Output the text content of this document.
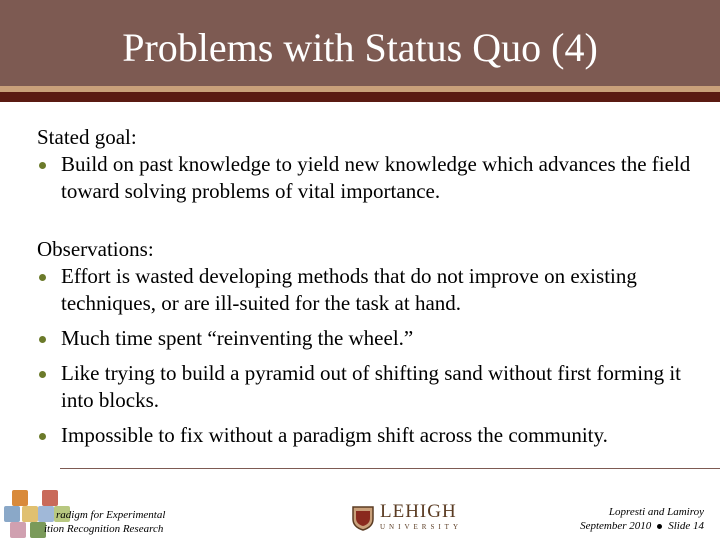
Problems with Status Quo (4)

Stated goal:

Build on past knowledge to yield new knowledge which advances the field toward solving problems of vital importance.

Observations:

Effort is wasted developing methods that do not improve on existing techniques, or are ill-suited for the task at hand.

Much time spent “reinventing the wheel.”

Like trying to build a pyramid out of shifting sand without first forming it into blocks.

Impossible to fix without a paradigm shift across the community.

radigm for Experimental
ition Recognition Research
LEHIGH
UNIVERSITY
Lopresti and Lamiroy
September 2010 Slide 14
